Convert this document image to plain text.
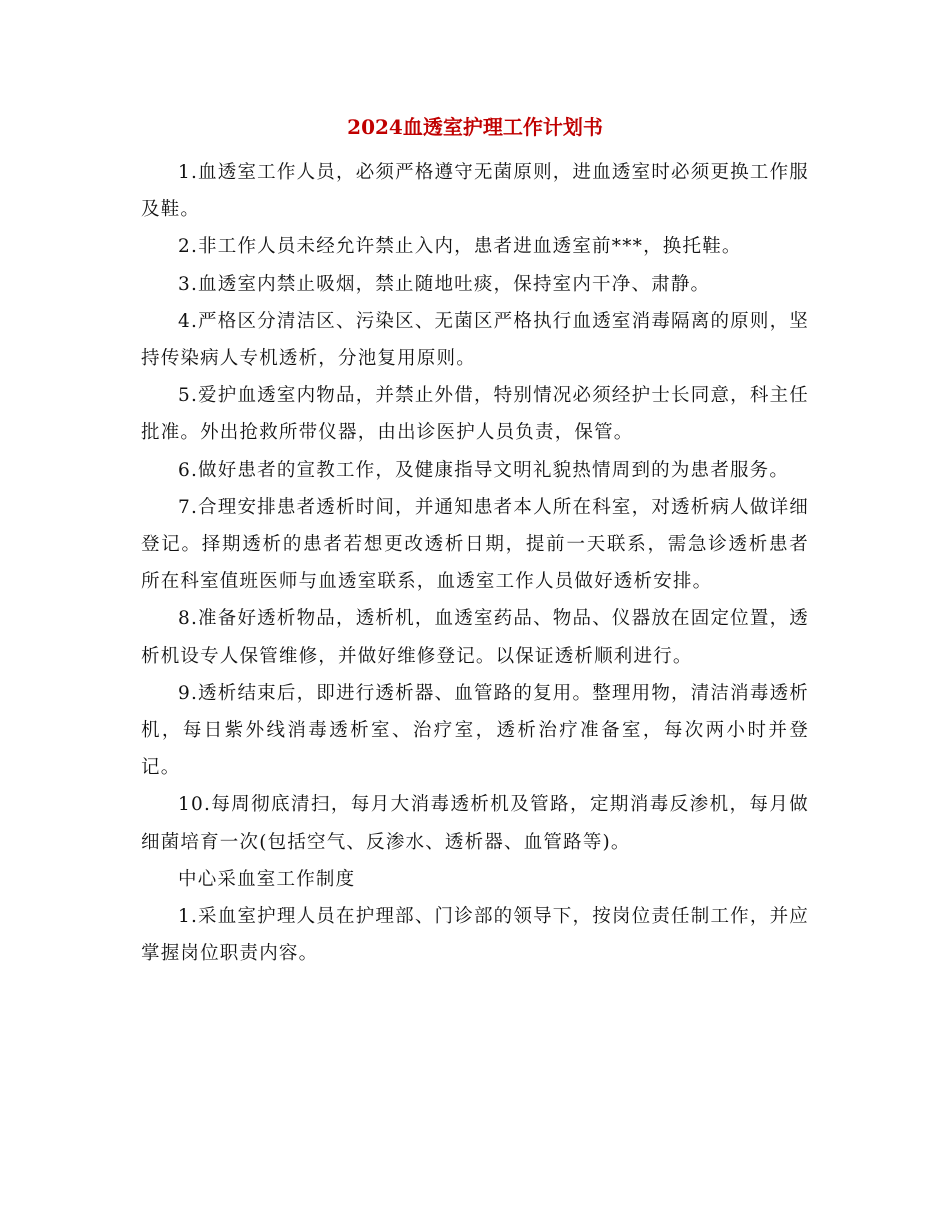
2024血透室护理工作计划书

1.血透室工作人员，必须严格遵守无菌原则，进血透室时必须更换工作服及鞋。

2.非工作人员未经允许禁止入内，患者进血透室前***，换托鞋。

3.血透室内禁止吸烟，禁止随地吐痰，保持室内干净、肃静。

4.严格区分清洁区、污染区、无菌区严格执行血透室消毒隔离的原则，坚持传染病人专机透析，分池复用原则。

5.爱护血透室内物品，并禁止外借，特别情况必须经护士长同意，科主任批准。外出抢救所带仪器，由出诊医护人员负责，保管。

6.做好患者的宣教工作，及健康指导文明礼貌热情周到的为患者服务。

7.合理安排患者透析时间，并通知患者本人所在科室，对透析病人做详细登记。择期透析的患者若想更改透析日期，提前一天联系，需急诊透析患者所在科室值班医师与血透室联系，血透室工作人员做好透析安排。

8.准备好透析物品，透析机，血透室药品、物品、仪器放在固定位置，透析机设专人保管维修，并做好维修登记。以保证透析顺利进行。

9.透析结束后，即进行透析器、血管路的复用。整理用物，清洁消毒透析机，每日紫外线消毒透析室、治疗室，透析治疗准备室，每次两小时并登记。

10.每周彻底清扫，每月大消毒透析机及管路，定期消毒反渗机，每月做细菌培育一次(包括空气、反渗水、透析器、血管路等)。

中心采血室工作制度

1.采血室护理人员在护理部、门诊部的领导下，按岗位责任制工作，并应掌握岗位职责内容。
